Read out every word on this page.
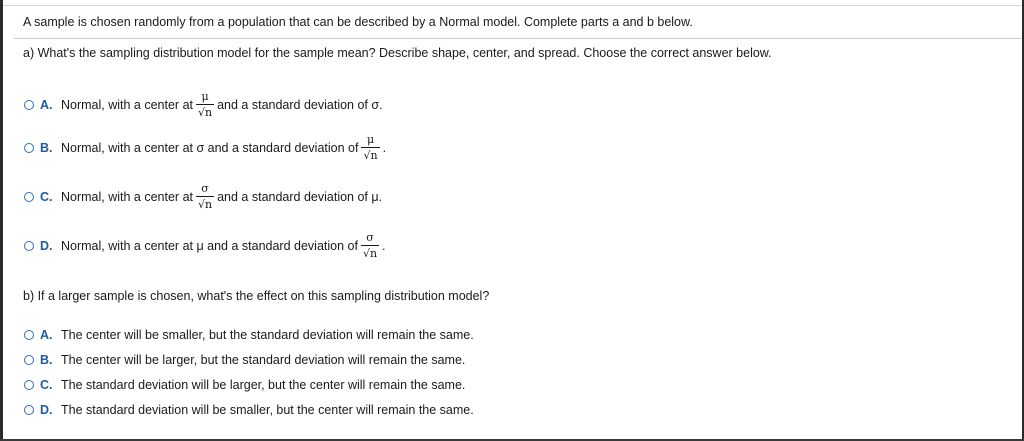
A sample is chosen randomly from a population that can be described by a Normal model. Complete parts a and b below.
a) What's the sampling distribution model for the sample mean? Describe shape, center, and spread. Choose the correct answer below.
A. Normal, with a center at $\frac{\mu}{√n}$ and a standard deviation of σ.
B. Normal, with a center at σ and a standard deviation of $\frac{\mu}{√n}$ .
C. Normal, with a center at $\frac{\sigma}{√n}$ and a standard deviation of μ.
D. Normal, with a center at μ and a standard deviation of $\frac{\sigma}{√n}$ .
b) If a larger sample is chosen, what's the effect on this sampling distribution model?
A. The center will be smaller, but the standard deviation will remain the same.
B. The center will be larger, but the standard deviation will remain the same.
C. The standard deviation will be larger, but the center will remain the same.
D. The standard deviation will be smaller, but the center will remain the same.
